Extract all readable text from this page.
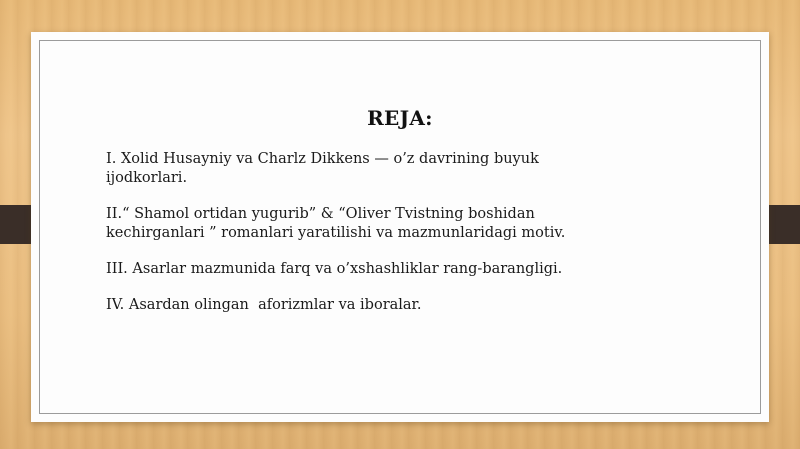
REJA:

I. Xolid Husayniy va Charlz Dikkens — o’z davrining buyuk ijodkorlari.

II.“ Shamol ortidan yugurib” & “Oliver Tvistning boshidan kechirganlari ” romanlari yaratilishi va mazmunlaridagi motiv.

III. Asarlar mazmunida farq va o’xshashliklar rang-barangligi.

IV. Asardan olingan  aforizmlar va iboralar.
